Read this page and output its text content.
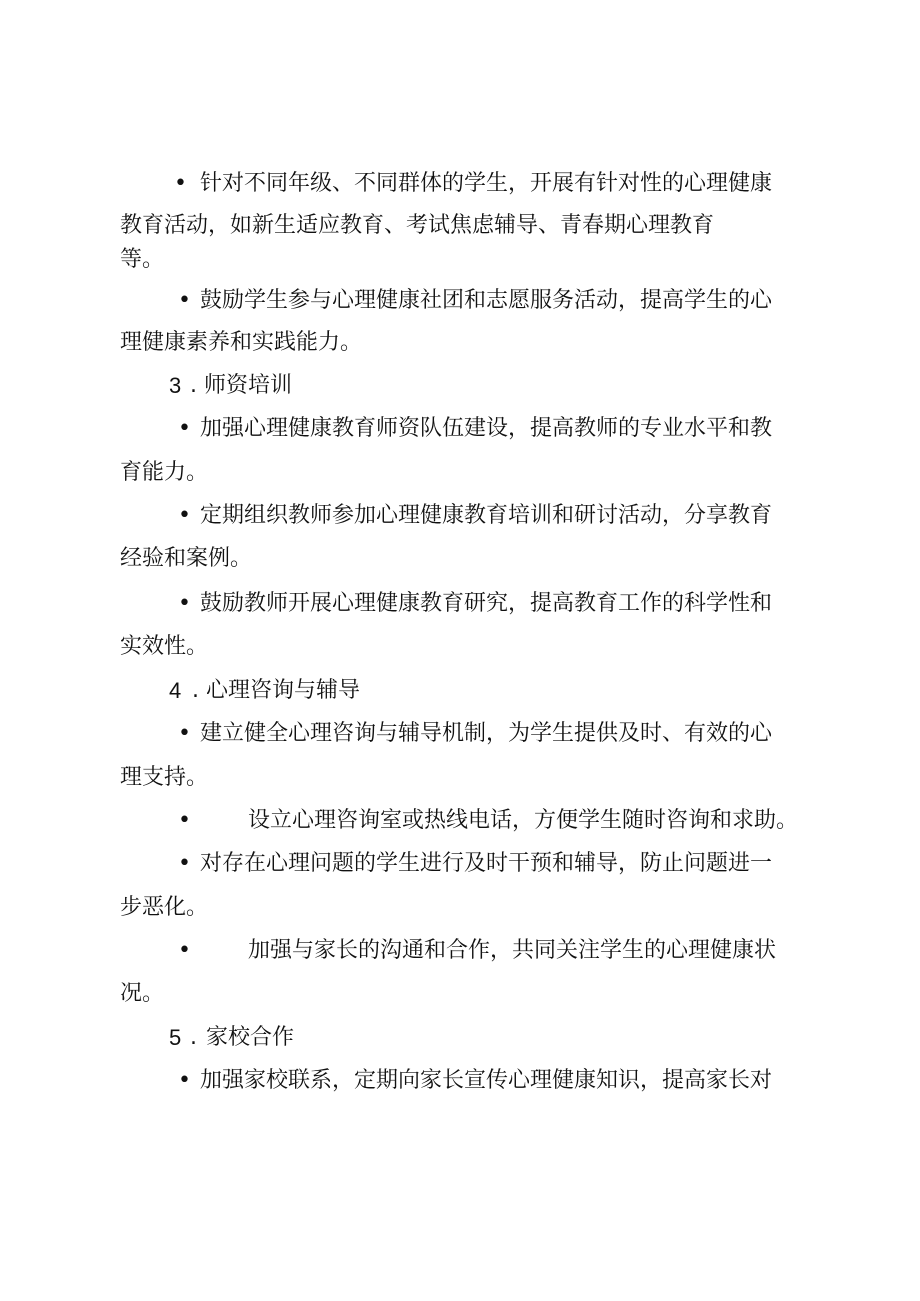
• 针对不同年级、不同群体的学生，开展有针对性的心理健康
教育活动，如新生适应教育、考试焦虑辅导、青春期心理教育
等。
• 鼓励学生参与心理健康社团和志愿服务活动，提高学生的心
理健康素养和实践能力。
3 . 师资培训
• 加强心理健康教育师资队伍建设，提高教师的专业水平和教
育能力。
• 定期组织教师参加心理健康教育培训和研讨活动，分享教育
经验和案例。
• 鼓励教师开展心理健康教育研究，提高教育工作的科学性和
实效性。
4 . 心理咨询与辅导
• 建立健全心理咨询与辅导机制，为学生提供及时、有效的心
理支持。
•	设立心理咨询室或热线电话，方便学生随时咨询和求助。
• 对存在心理问题的学生进行及时干预和辅导，防止问题进一
步恶化。
•	加强与家长的沟通和合作，共同关注学生的心理健康状
况。
5 . 家校合作
• 加强家校联系，定期向家长宣传心理健康知识，提高家长对
